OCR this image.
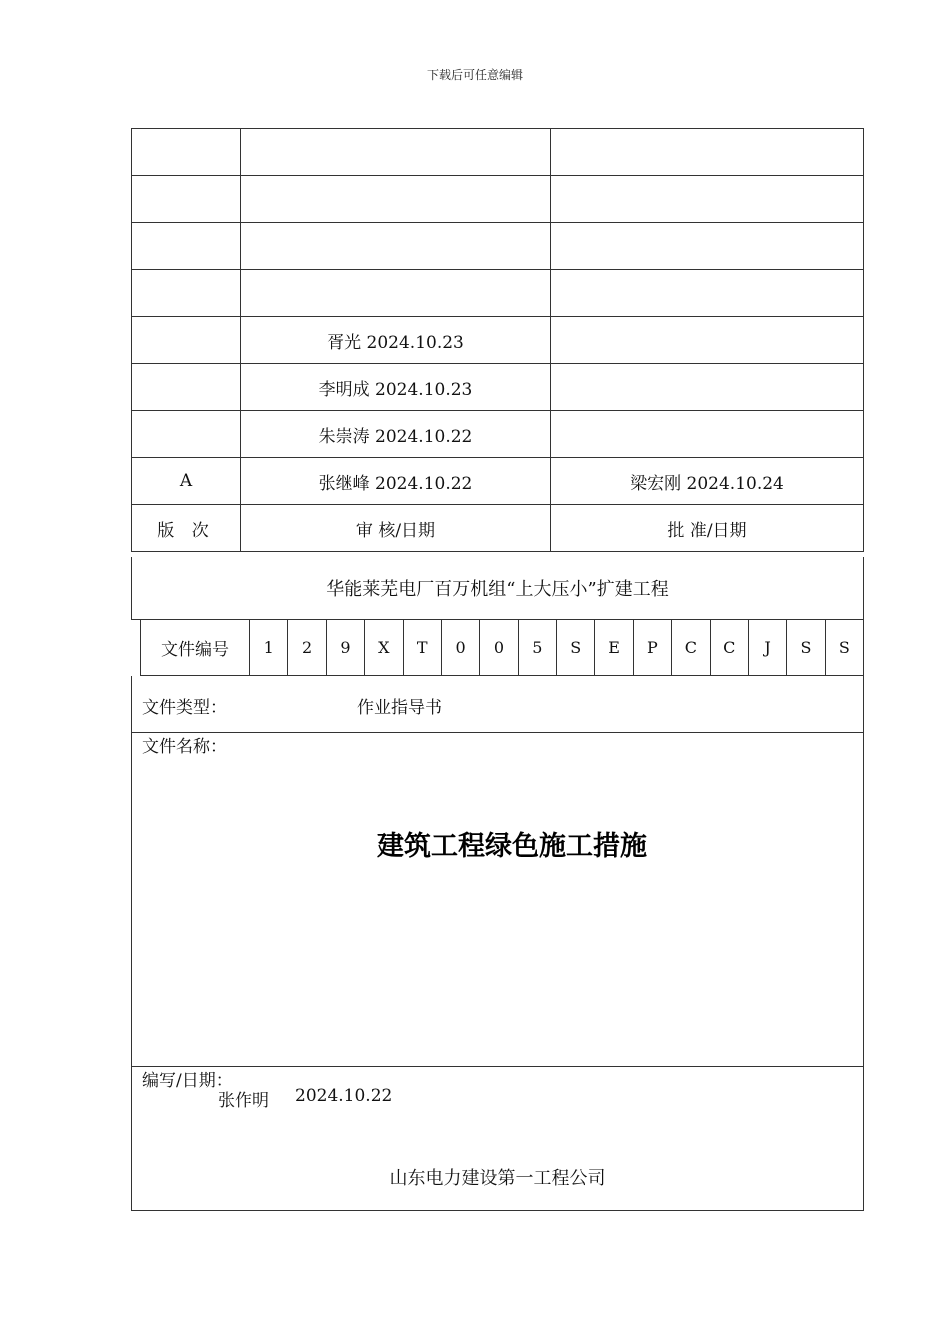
下载后可任意编辑

	胥光 2024.10.23	
	李明成 2024.10.23	
	朱崇涛 2024.10.22	
A	张继峰 2024.10.22	梁宏刚 2024.10.24
版 次	审 核/日期	批 准/日期
华能莱芜电厂百万机组“上大压小”扩建工程
文件编号	1	2	9	X	T	0	0	5	S	E	P	C	C	J	S	S
文件类型：	作业指导书
文件名称：
建筑工程绿色施工措施
编写/日期：
张作明 2024.10.22
山东电力建设第一工程公司
